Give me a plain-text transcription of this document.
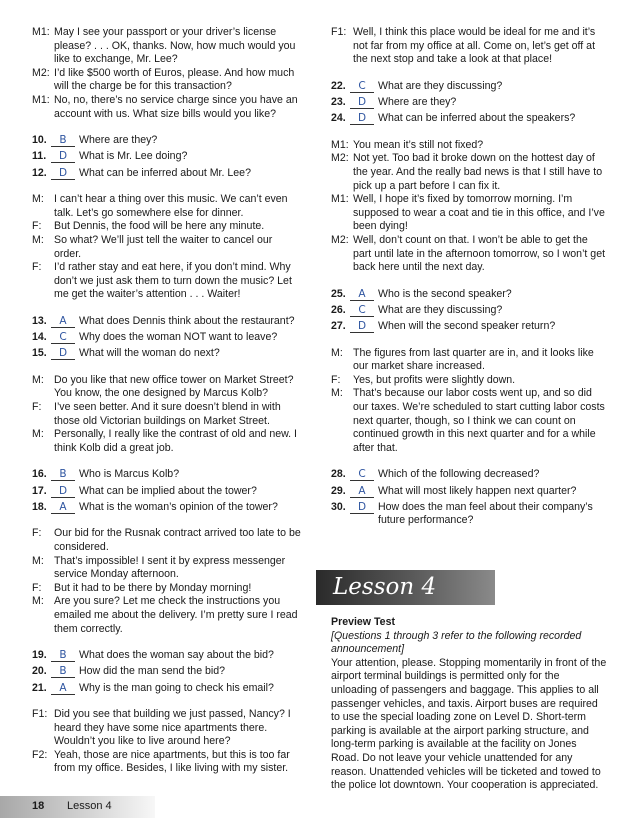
M1: May I see your passport or your driver’s license please? . . . OK, thanks. Now, how much would you like to exchange, Mr. Lee?
M2: I’d like $500 worth of Euros, please. And how much will the charge be for this transaction?
M1: No, no, there’s no service charge since you have an account with us. What size bills would you like?
10.	B	Where are they?
11.	D	What is Mr. Lee doing?
12.	D	What can be inferred about Mr. Lee?
M: I can’t hear a thing over this music. We can’t even talk. Let’s go somewhere else for dinner.
F:	But Dennis, the food will be here any minute.
M: So what? We’ll just tell the waiter to cancel our order.
F:	I’d rather stay and eat here, if you don’t mind. Why don’t we just ask them to turn down the music? Let me get the waiter’s attention . . . Waiter!
13.	A	What does Dennis think about the restaurant?
14.	C	Why does the woman NOT want to leave?
15.	D	What will the woman do next?
M: Do you like that new office tower on Market Street? You know, the one designed by Marcus Kolb?
F:	I’ve seen better. And it sure doesn’t blend in with those old Victorian buildings on Market Street.
M: Personally, I really like the contrast of old and new. I think Kolb did a great job.
16.	B	Who is Marcus Kolb?
17.	D	What can be implied about the tower?
18.	A	What is the woman’s opinion of the tower?
F:	Our bid for the Rusnak contract arrived too late to be considered.
M: That’s impossible! I sent it by express messenger service Monday afternoon.
F:	But it had to be there by Monday morning!
M: Are you sure? Let me check the instructions you emailed me about the delivery. I’m pretty sure I read them correctly.
19.	B	What does the woman say about the bid?
20.	B	How did the man send the bid?
21.	A	Why is the man going to check his email?
F1: Did you see that building we just passed, Nancy? I heard they have some nice apartments there. Wouldn’t you like to live around here?
F2: Yeah, those are nice apartments, but this is too far from my office. Besides, I like living with my sister.
F1: Well, I think this place would be ideal for me and it’s not far from my office at all. Come on, let’s get off at the next stop and take a look at that place!
22.	C	What are they discussing?
23.	D	Where are they?
24.	D	What can be inferred about the speakers?
M1: You mean it’s still not fixed?
M2: Not yet. Too bad it broke down on the hottest day of the year. And the really bad news is that I still have to pick up a part before I can fix it.
M1: Well, I hope it’s fixed by tomorrow morning. I’m supposed to wear a coat and tie in this office, and I’ve been dying!
M2: Well, don’t count on that. I won’t be able to get the part until late in the afternoon tomorrow, so I won’t get back here until the next day.
25.	A	Who is the second speaker?
26.	C	What are they discussing?
27.	D	When will the second speaker return?
M: The figures from last quarter are in, and it looks like our market share increased.
F:	Yes, but profits were slightly down.
M: That’s because our labor costs went up, and so did our taxes. We’re scheduled to start cutting labor costs next quarter, though, so I think we can count on continued growth in this next quarter and for a while after that.
28.	C	Which of the following decreased?
29.	A	What will most likely happen next quarter?
30.	D	How does the man feel about their company’s future performance?
Lesson 4
Preview Test
[Questions 1 through 3 refer to the following recorded announcement]
Your attention, please. Stopping momentarily in front of the airport terminal buildings is permitted only for the unloading of passengers and baggage. This applies to all passenger vehicles, and taxis. Airport buses are required to use the special loading zone on Level D. Short-term parking is available at the airport parking structure, and long-term parking is available at the facility on Jones Road. Do not leave your vehicle unattended for any reason. Unattended vehicles will be ticketed and towed to the police lot downtown. Your cooperation is appreciated.
18 Lesson 4
